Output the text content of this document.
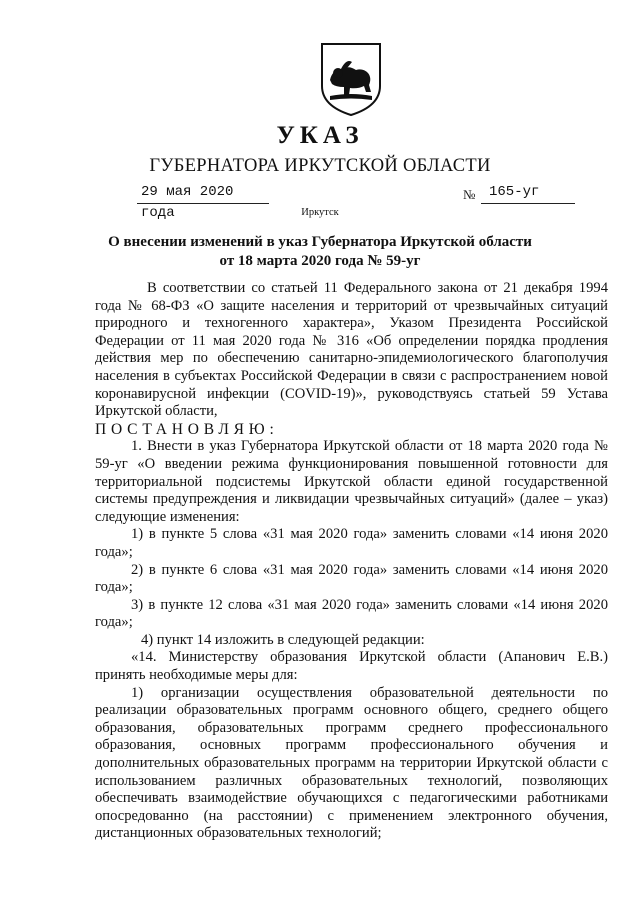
УКАЗ
ГУБЕРНАТОРА ИРКУТСКОЙ ОБЛАСТИ
29 мая 2020 года
№ 165-уг
Иркутск
О внесении изменений в указ Губернатора Иркутской области
от 18 марта 2020 года № 59-уг

В соответствии со статьей 11 Федерального закона от 21 декабря 1994 года № 68-ФЗ «О защите населения и территорий от чрезвычайных ситуаций природного и техногенного характера», Указом Президента Российской Федерации от 11 мая 2020 года № 316 «Об определении порядка продления действия мер по обеспечению санитарно-эпидемиологического благополучия населения в субъектах Российской Федерации в связи с распространением новой коронавирусной инфекции (COVID-19)», руководствуясь статьей 59 Устава Иркутской области,

ПОСТАНОВЛЯЮ:

1. Внести в указ Губернатора Иркутской области от 18 марта 2020 года № 59-уг «О введении режима функционирования повышенной готовности для территориальной подсистемы Иркутской области единой государственной системы предупреждения и ликвидации чрезвычайных ситуаций» (далее – указ) следующие изменения:

1) в пункте 5 слова «31 мая 2020 года» заменить словами «14 июня 2020 года»;

2) в пункте 6 слова «31 мая 2020 года» заменить словами «14 июня 2020 года»;

3) в пункте 12 слова «31 мая 2020 года» заменить словами «14 июня 2020 года»;

4) пункт 14 изложить в следующей редакции:

«14. Министерству образования Иркутской области (Апанович Е.В.) принять необходимые меры для:

1) организации осуществления образовательной деятельности по реализации образовательных программ основного общего, среднего общего образования, образовательных программ среднего профессионального образования, основных программ профессионального обучения и дополнительных образовательных программ на территории Иркутской области с использованием различных образовательных технологий, позволяющих обеспечивать взаимодействие обучающихся с педагогическими работниками опосредованно (на расстоянии) с применением электронного обучения, дистанционных образовательных технологий;
